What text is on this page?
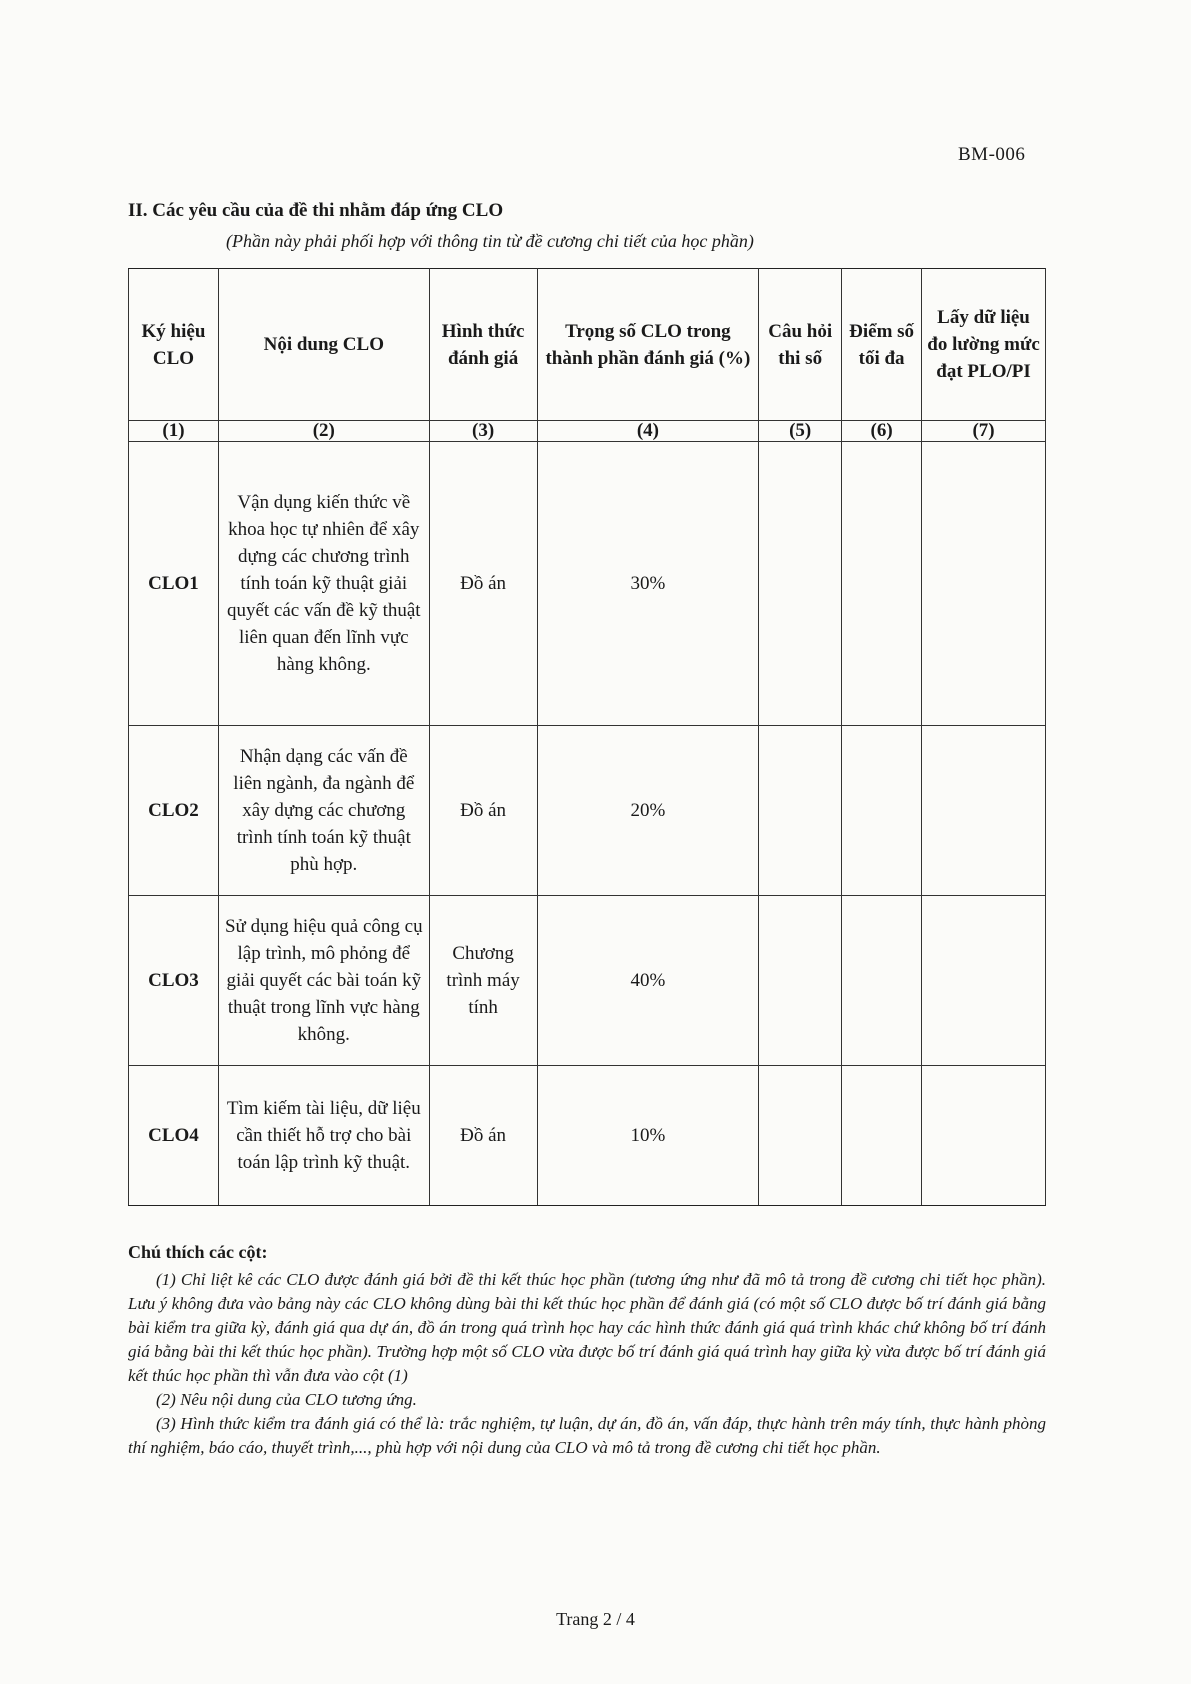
BM-006
II. Các yêu cầu của đề thi nhằm đáp ứng CLO
(Phần này phải phối hợp với thông tin từ đề cương chi tiết của học phần)
Ký hiệu CLO	Nội dung CLO	Hình thức đánh giá	Trọng số CLO trong thành phần đánh giá (%)	Câu hỏi thi số	Điểm số tối đa	Lấy dữ liệu đo lường mức đạt PLO/PI
(1)	(2)	(3)	(4)	(5)	(6)	(7)
CLO1	Vận dụng kiến thức về khoa học tự nhiên để xây dựng các chương trình tính toán kỹ thuật giải quyết các vấn đề kỹ thuật liên quan đến lĩnh vực hàng không.	Đồ án	30%			
CLO2	Nhận dạng các vấn đề liên ngành, đa ngành để xây dựng các chương trình tính toán kỹ thuật phù hợp.	Đồ án	20%			
CLO3	Sử dụng hiệu quả công cụ lập trình, mô phỏng để giải quyết các bài toán kỹ thuật trong lĩnh vực hàng không.	Chương trình máy tính	40%			
CLO4	Tìm kiếm tài liệu, dữ liệu cần thiết hỗ trợ cho bài toán lập trình kỹ thuật.	Đồ án	10%			
Chú thích các cột:

(1) Chỉ liệt kê các CLO được đánh giá bởi đề thi kết thúc học phần (tương ứng như đã mô tả trong đề cương chi tiết học phần). Lưu ý không đưa vào bảng này các CLO không dùng bài thi kết thúc học phần để đánh giá (có một số CLO được bố trí đánh giá bằng bài kiểm tra giữa kỳ, đánh giá qua dự án, đồ án trong quá trình học hay các hình thức đánh giá quá trình khác chứ không bố trí đánh giá bằng bài thi kết thúc học phần). Trường hợp một số CLO vừa được bố trí đánh giá quá trình hay giữa kỳ vừa được bố trí đánh giá kết thúc học phần thì vẫn đưa vào cột (1)

(2) Nêu nội dung của CLO tương ứng.

(3) Hình thức kiểm tra đánh giá có thể là: trắc nghiệm, tự luận, dự án, đồ án, vấn đáp, thực hành trên máy tính, thực hành phòng thí nghiệm, báo cáo, thuyết trình,..., phù hợp với nội dung của CLO và mô tả trong đề cương chi tiết học phần.

Trang 2 / 4
